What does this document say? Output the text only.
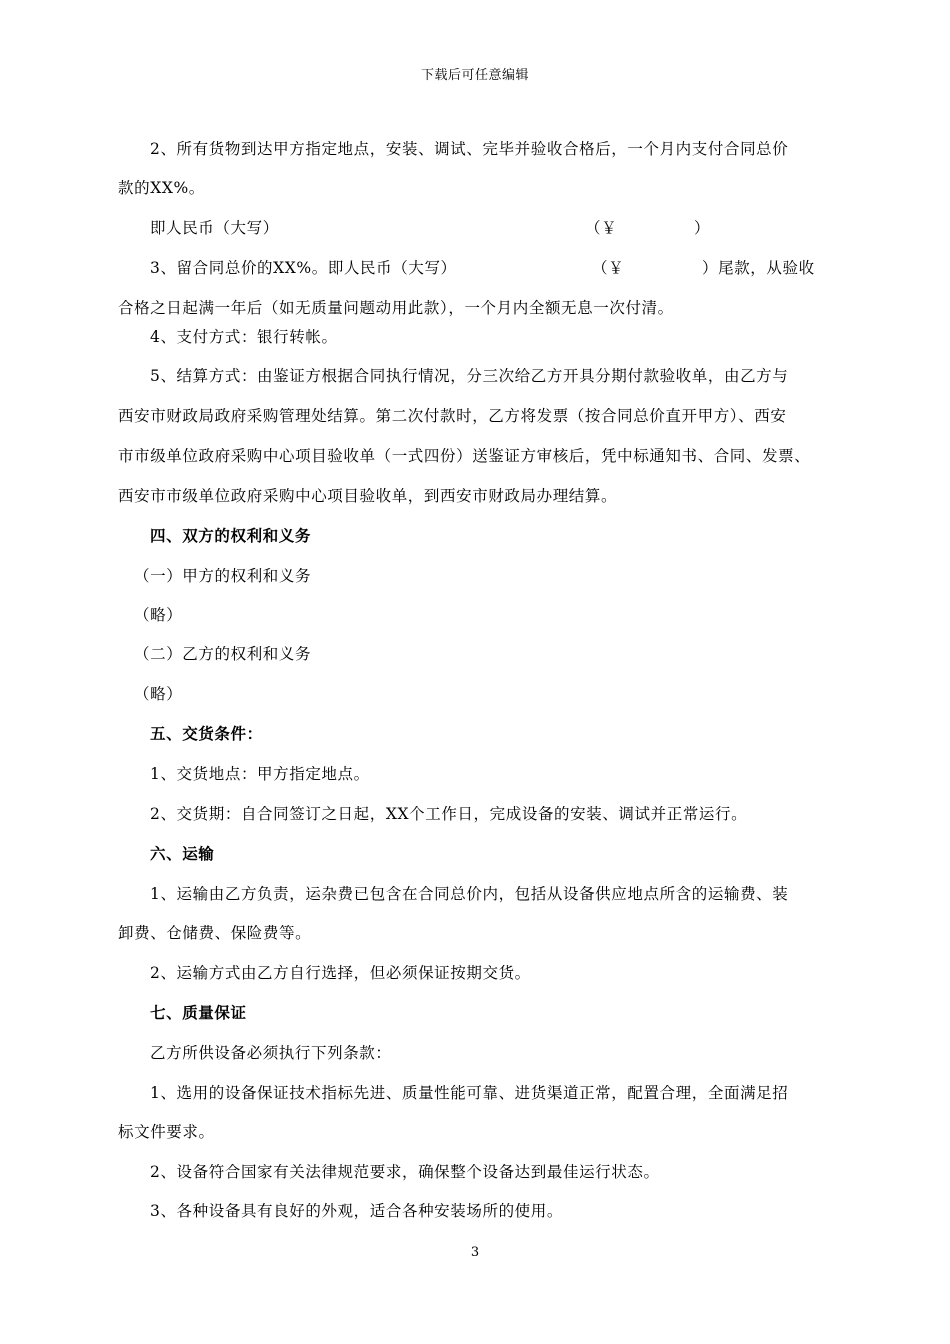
下载后可任意编辑
2、所有货物到达甲方指定地点，安装、调试、完毕并验收合格后，一个月内支付合同总价
款的XX%。
即人民币（大写）	（￥	）
3、留合同总价的XX%。即人民币（大写）	（￥	）尾款，从验收
合格之日起满一年后（如无质量问题动用此款），一个月内全额无息一次付清。
4、支付方式：银行转帐。
5、结算方式：由鉴证方根据合同执行情况，分三次给乙方开具分期付款验收单，由乙方与
西安市财政局政府采购管理处结算。第二次付款时，乙方将发票（按合同总价直开甲方）、西安
市市级单位政府采购中心项目验收单（一式四份）送鉴证方审核后，凭中标通知书、合同、发票、
西安市市级单位政府采购中心项目验收单，到西安市财政局办理结算。
四、双方的权利和义务
（一）甲方的权利和义务
（略）
（二）乙方的权利和义务
（略）
五、交货条件：
1、交货地点：甲方指定地点。
2、交货期：自合同签订之日起，XX个工作日，完成设备的安装、调试并正常运行。
六、运输
1、运输由乙方负责，运杂费已包含在合同总价内，包括从设备供应地点所含的运输费、装
卸费、仓储费、保险费等。
2、运输方式由乙方自行选择，但必须保证按期交货。
七、质量保证
乙方所供设备必须执行下列条款：
1、选用的设备保证技术指标先进、质量性能可靠、进货渠道正常，配置合理，全面满足招
标文件要求。
2、设备符合国家有关法律规范要求，确保整个设备达到最佳运行状态。
3、各种设备具有良好的外观，适合各种安装场所的使用。
3
